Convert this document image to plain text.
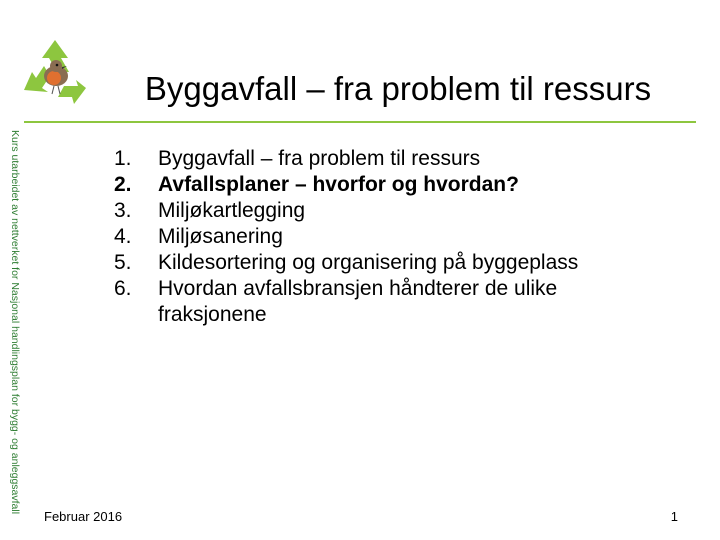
Byggavfall – fra problem til ressurs
Kurs utarbeidet av nettverket for Nasjonal handlingsplan for bygg- og anleggsavfall	1.	Byggavfall – fra problem til ressurs
2.	Avfallsplaner – hvorfor og hvordan?
3.	Miljøkartlegging
4.	Miljøsanering
5.	Kildesortering og organisering på byggeplass
6.	Hvordan avfallsbransjen håndterer de ulike fraksjonene
Februar 2016	1
